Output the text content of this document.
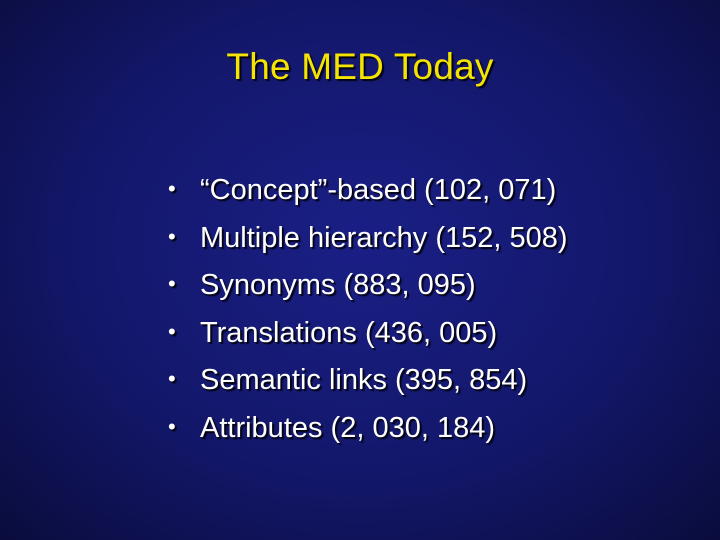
The MED Today
• “Concept”-based (102, 071)
• Multiple hierarchy (152, 508)
• Synonyms (883, 095)
• Translations (436, 005)
• Semantic links (395, 854)
• Attributes (2, 030, 184)
